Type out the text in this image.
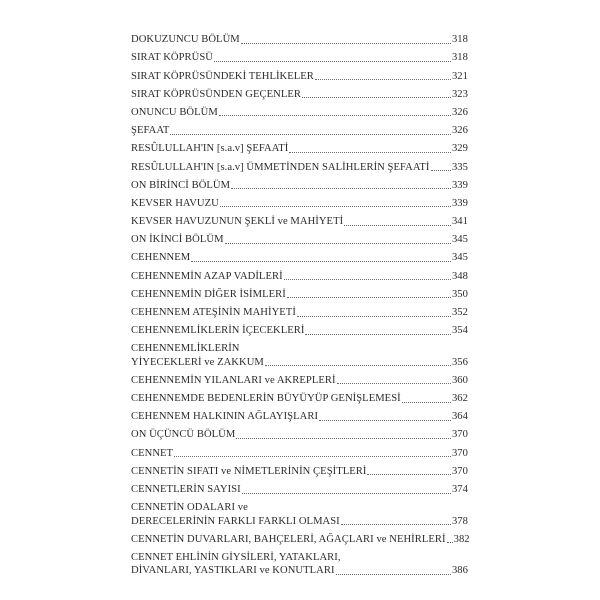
DOKUZUNCU BÖLÜM	318
SIRAT KÖPRÜSÜ	318
SIRAT KÖPRÜSÜNDEKİ TEHLİKELER	321
SIRAT KÖPRÜSÜNDEN GEÇENLER	323
ONUNCU BÖLÜM	326
ŞEFAAT	326
RESÛLULLAH'IN [s.a.v] ŞEFAATİ	329
RESÛLULLAH'IN [s.a.v] ÜMMETİNDEN SALİHLERİN ŞEFAATİ 335
ON BİRİNCİ BÖLÜM	339
KEVSER HAVUZU	339
KEVSER HAVUZUNUN ŞEKLİ ve MAHİYETİ	341
ON İKİNCİ BÖLÜM	345
CEHENNEM	345
CEHENNEMİN AZAP VADİLERİ	348
CEHENNEMİN DİĞER İSİMLERİ	350
CEHENNEM ATEŞİNİN MAHİYETİ	352
CEHENNEMLİKLERİN İÇECEKLERİ	354
CEHENNEMLİKLERİN
YİYECEKLERİ ve ZAKKUM	356
CEHENNEMİN YILANLARI ve AKREPLERİ	360
CEHENNEMDE BEDENLERİN BÜYÜYÜP GENİŞLEMESİ	362
CEHENNEM HALKININ AĞLAYIŞLARI	364
ON ÜÇÜNCÜ BÖLÜM	370
CENNET	370
CENNETİN SIFATI ve NİMETLERİNİN ÇEŞİTLERİ	370
CENNETLERİN SAYISI	374
CENNETİN ODALARI ve
DERECELERİNİN FARKLI FARKLI OLMASI	378
CENNETİN DUVARLARI, BAHÇELERİ, AĞAÇLARI ve NEHİRLERİ 382
CENNET EHLİNİN GİYSİLERİ, YATAKLARI,
DİVANLARI, YASTIKLARI ve KONUTLARI	386
